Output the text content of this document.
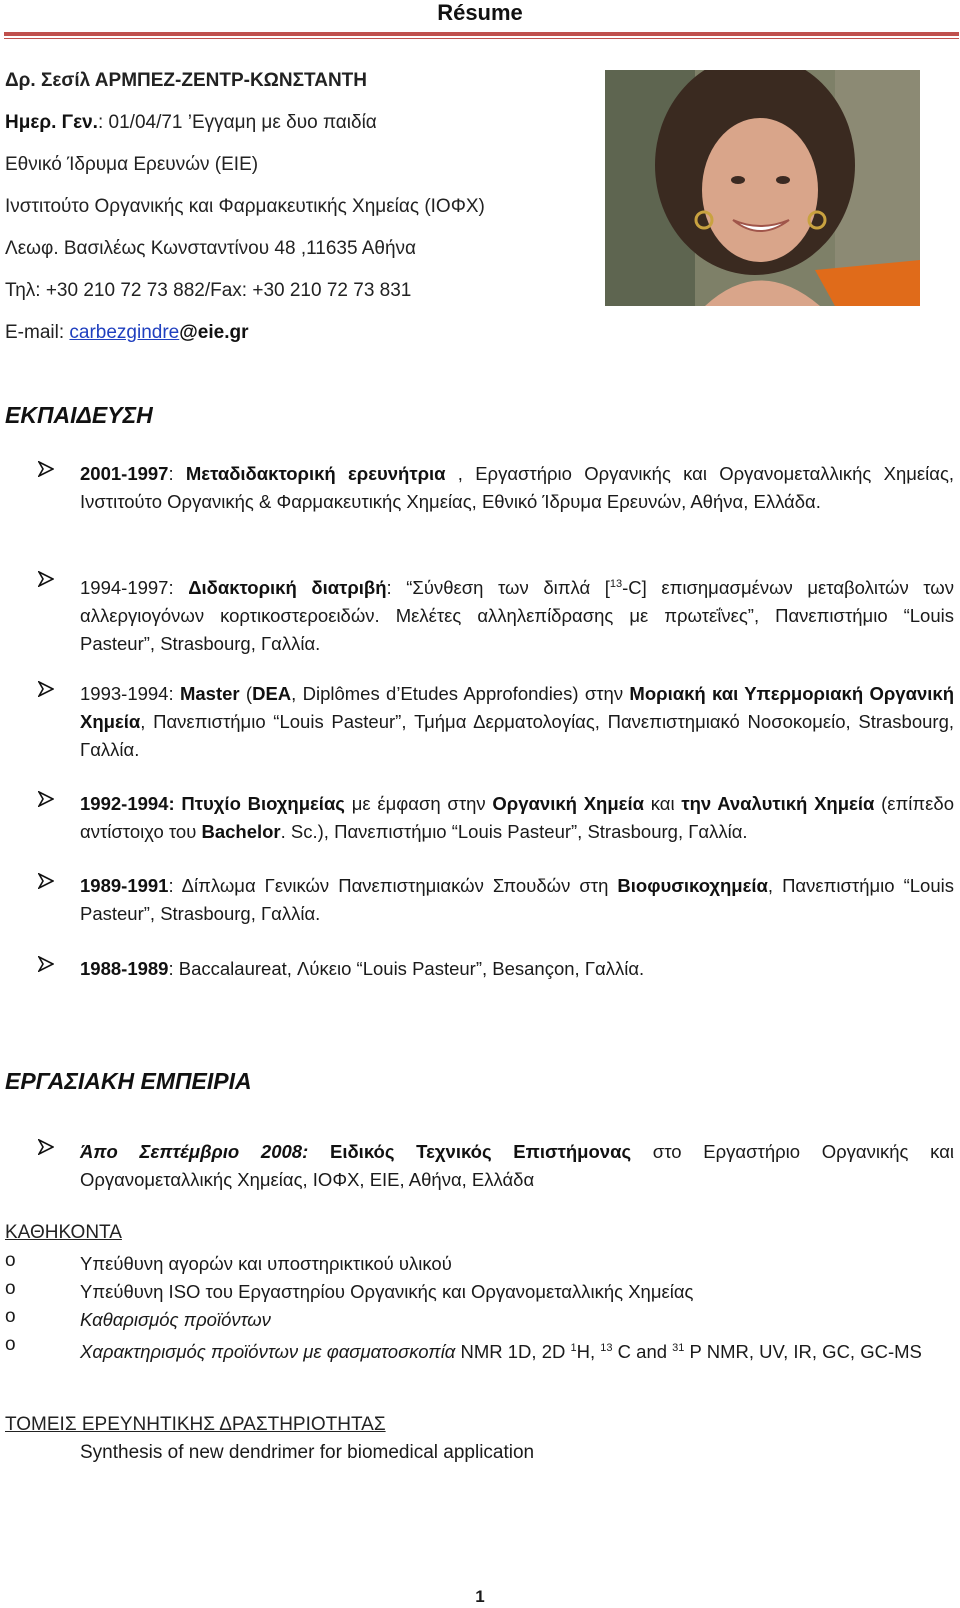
Résume
Δρ. Σεσίλ ΑΡΜΠΕΖ-ΖΕΝΤΡ-ΚΩΝΣΤΑΝΤΗ
Ημερ. Γεν.: 01/04/71 ’Εγγαμη με δυο παιδία
Εθνικό Ίδρυμα Ερευνών (ΕΙΕ)
Ινστιτούτο Οργανικής και Φαρμακευτικής Χημείας (ΙΟΦΧ)
Λεωφ. Βασιλέως Κωνσταντίνου 48 ,11635 Αθήνα
Τηλ: +30 210 72 73 882/Fax: +30 210 72 73 831
E-mail: carbezgindre@eie.gr
ΕΚΠΑΙΔΕΥΣΗ
2001-1997: Μεταδιδακτορική ερευνήτρια , Εργαστήριο Οργανικής και Οργανομεταλλικής Χημείας, Ινστιτούτο Οργανικής & Φαρμακευτικής Χημείας, Εθνικό Ίδρυμα Ερευνών, Αθήνα, Ελλάδα.
1994-1997: Διδακτορική διατριβή: “Σύνθεση των διπλά [$^{13}$-C] επισημασμένων μεταβολιτών των αλλεργιογόνων κορτικοστεροειδών. Μελέτες αλληλεπίδρασης με πρωτεΐνες”, Πανεπιστήμιο “Louis Pasteur”, Strasbourg, Γαλλία.
1993-1994: Master (DEA, Diplômes d’Etudes Approfondies) στην Μοριακή και Υπερμοριακή Οργανική Χημεία, Πανεπιστήμιο “Louis Pasteur”, Τμήμα Δερματολογίας, Πανεπιστημιακό Νοσοκομείο, Strasbourg, Γαλλία.
1992-1994: Πτυχίο Βιοχημείας με έμφαση στην Οργανική Χημεία και την Αναλυτική Χημεία (επίπεδο αντίστοιχο του Bachelor. Sc.), Πανεπιστήμιο “Louis Pasteur”, Strasbourg, Γαλλία.
1989-1991: Δίπλωμα Γενικών Πανεπιστημιακών Σπουδών στη Βιοφυσικοχημεία, Πανεπιστήμιο “Louis Pasteur”, Strasbourg, Γαλλία.
1988-1989: Baccalaureat, Λύκειο “Louis Pasteur”, Besançon, Γαλλία.
ΕΡΓΑΣΙΑΚΗ ΕΜΠΕΙΡΙΑ
Άπο Σεπτέμβριο 2008: Ειδικός Τεχνικός Επιστήμονας στο Εργαστήριο Οργανικής και Οργανομεταλλικής Χημείας, ΙΟΦΧ, ΕΙΕ, Αθήνα, Ελλάδα
ΚΑΘΗΚΟΝΤΑ
o	Υπεύθυνη αγορών και υποστηρικτικού υλικού
o	Υπεύθυνη ISO του Εργαστηρίου Οργανικής και Οργανομεταλλικής Χημείας
o	Καθαρισμός προϊόντων
o	Χαρακτηρισμός προϊόντων με φασματοσκοπία NMR 1D, 2D $^1$H, $^{13}$ C and $^{31}$ P NMR, UV, IR, GC, GC-MS
ΤΟΜΕΙΣ ΕΡΕΥΝΗΤΙΚΗΣ ΔΡΑΣΤΗΡΙΟΤΗΤΑΣ
Synthesis of new dendrimer for biomedical application
1
